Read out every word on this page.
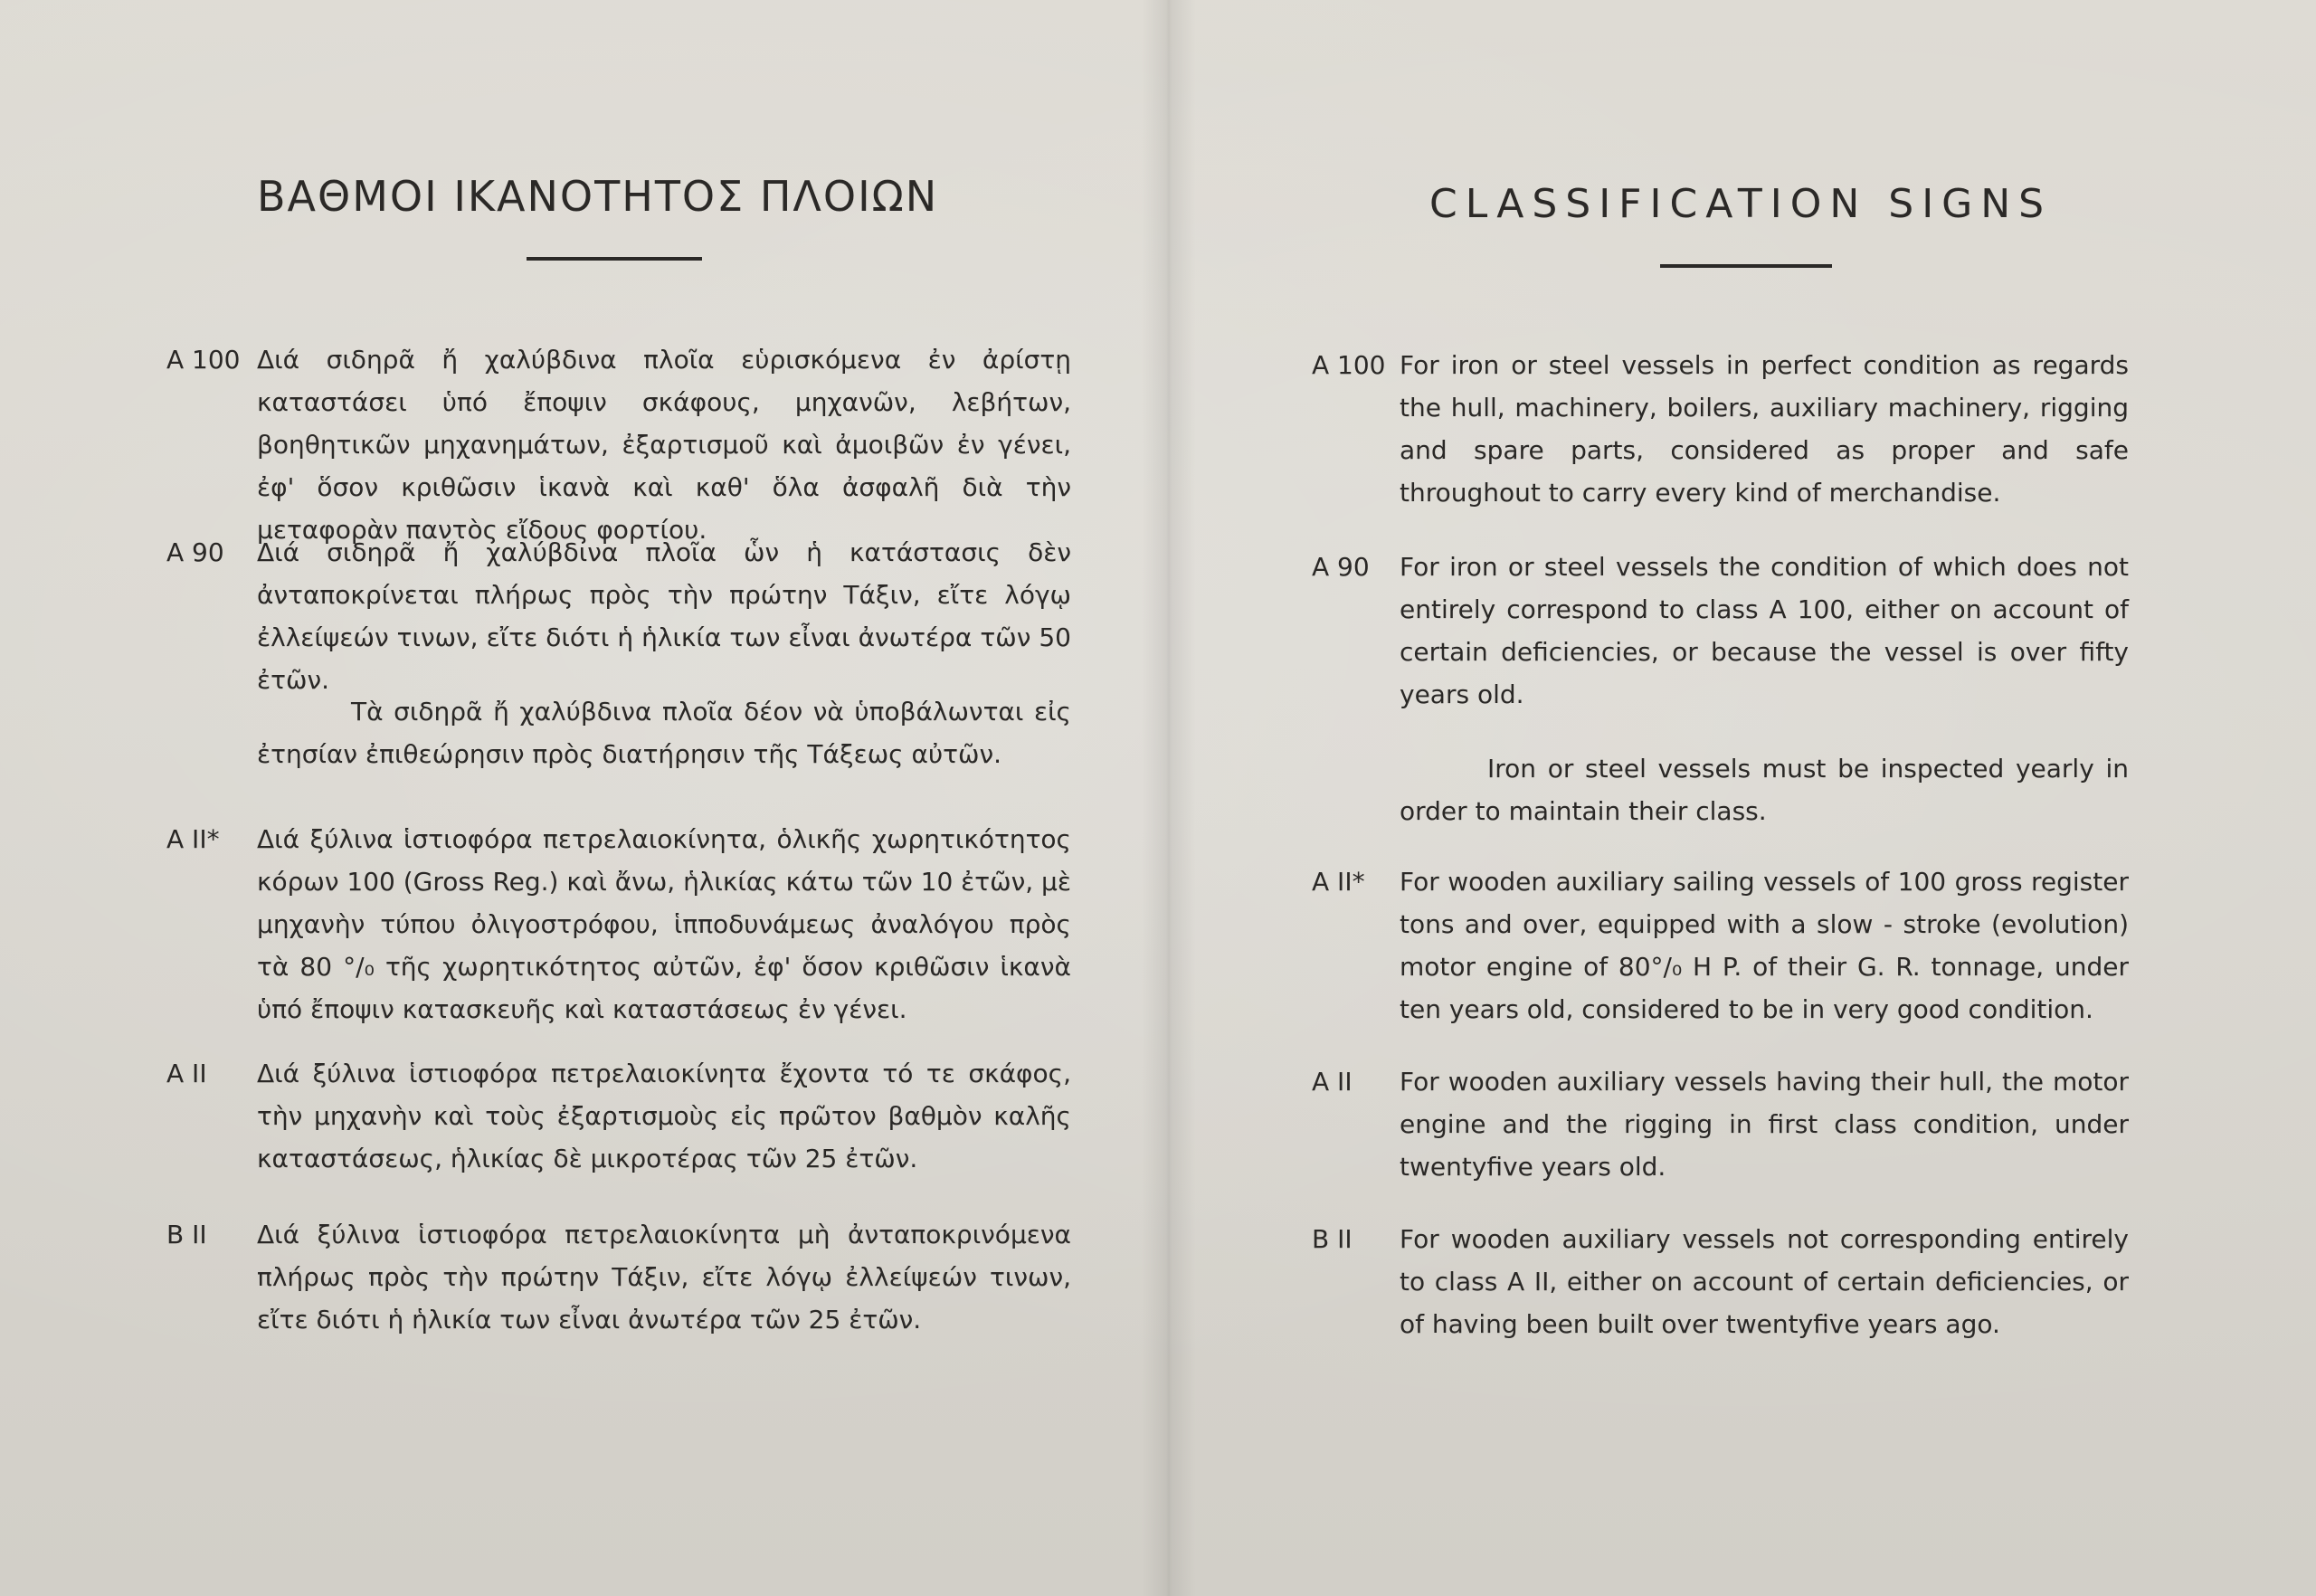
ΒΑΘΜΟΙ ΙΚΑΝΟΤΗΤΟΣ ΠΛΟΙΩΝ
A 100 Διά σιδηρᾶ ἤ χαλύβδινα πλοῖα εὑρισκόμενα ἐν ἀρίστῃ καταστάσει ὑπό ἔποψιν σκάφους, μηχανῶν, λεβήτων, βοηθητικῶν μηχανημάτων, ἐξαρτισμοῦ καὶ ἀμοιβῶν ἐν γένει, ἐφ' ὅσον κριθῶσιν ἱκανὰ καὶ καθ' ὅλα ἀσφαλῆ διὰ τὴν μεταφορὰν παντὸς εἴδους φορτίου.
A 90 Διά σιδηρᾶ ἤ χαλύβδινα πλοῖα ὧν ἡ κατάστασις δὲν ἀνταποκρίνεται πλήρως πρὸς τὴν πρώτην Τάξιν, εἴτε λόγῳ ἐλλείψεών τινων, εἴτε διότι ἡ ἡλικία των εἶναι ἀνωτέρα τῶν 50 ἐτῶν.
Τὰ σιδηρᾶ ἤ χαλύβδινα πλοῖα δέον νὰ ὑποβάλωνται εἰς ἐτησίαν ἐπιθεώρησιν πρὸς διατήρησιν τῆς Τάξεως αὐτῶν.
A II* Διά ξύλινα ἱστιοφόρα πετρελαιοκίνητα, ὁλικῆς χωρητικότητος κόρων 100 (Gross Reg.) καὶ ἄνω, ἡλικίας κάτω τῶν 10 ἐτῶν, μὲ μηχανὴν τύπου ὀλιγοστρόφου, ἱπποδυνάμεως ἀναλόγου πρὸς τὰ 80 °/₀ τῆς χωρητικότητος αὐτῶν, ἐφ' ὅσον κριθῶσιν ἱκανὰ ὑπό ἔποψιν κατασκευῆς καὶ καταστάσεως ἐν γένει.
A II Διά ξύλινα ἱστιοφόρα πετρελαιοκίνητα ἔχοντα τό τε σκάφος, τὴν μηχανὴν καὶ τοὺς ἐξαρτισμοὺς εἰς πρῶτον βαθμὸν καλῆς καταστάσεως, ἡλικίας δὲ μικροτέρας τῶν 25 ἐτῶν.
B II Διά ξύλινα ἱστιοφόρα πετρελαιοκίνητα μὴ ἀνταποκρινόμενα πλήρως πρὸς τὴν πρώτην Τάξιν, εἴτε λόγῳ ἐλλείψεών τινων, εἴτε διότι ἡ ἡλικία των εἶναι ἀνωτέρα τῶν 25 ἐτῶν.
CLASSIFICATION SIGNS
A 100 For iron or steel vessels in perfect condition as regards the hull, machinery, boilers, auxiliary machinery, rigging and spare parts, considered as proper and safe throughout to carry every kind of merchandise.
A 90 For iron or steel vessels the condition of which does not entirely correspond to class A 100, either on account of certain deficiencies, or because the vessel is over fifty years old.
Iron or steel vessels must be inspected yearly in order to maintain their class.
A II* For wooden auxiliary sailing vessels of 100 gross register tons and over, equipped with a slow - stroke (evolution) motor engine of 80°/₀ H P. of their G. R. tonnage, under ten years old, considered to be in very good condition.
A II For wooden auxiliary vessels having their hull, the motor engine and the rigging in first class condition, under twentyfive years old.
B II For wooden auxiliary vessels not corresponding entirely to class A II, either on account of certain deficiencies, or of having been built over twentyfive years ago.
